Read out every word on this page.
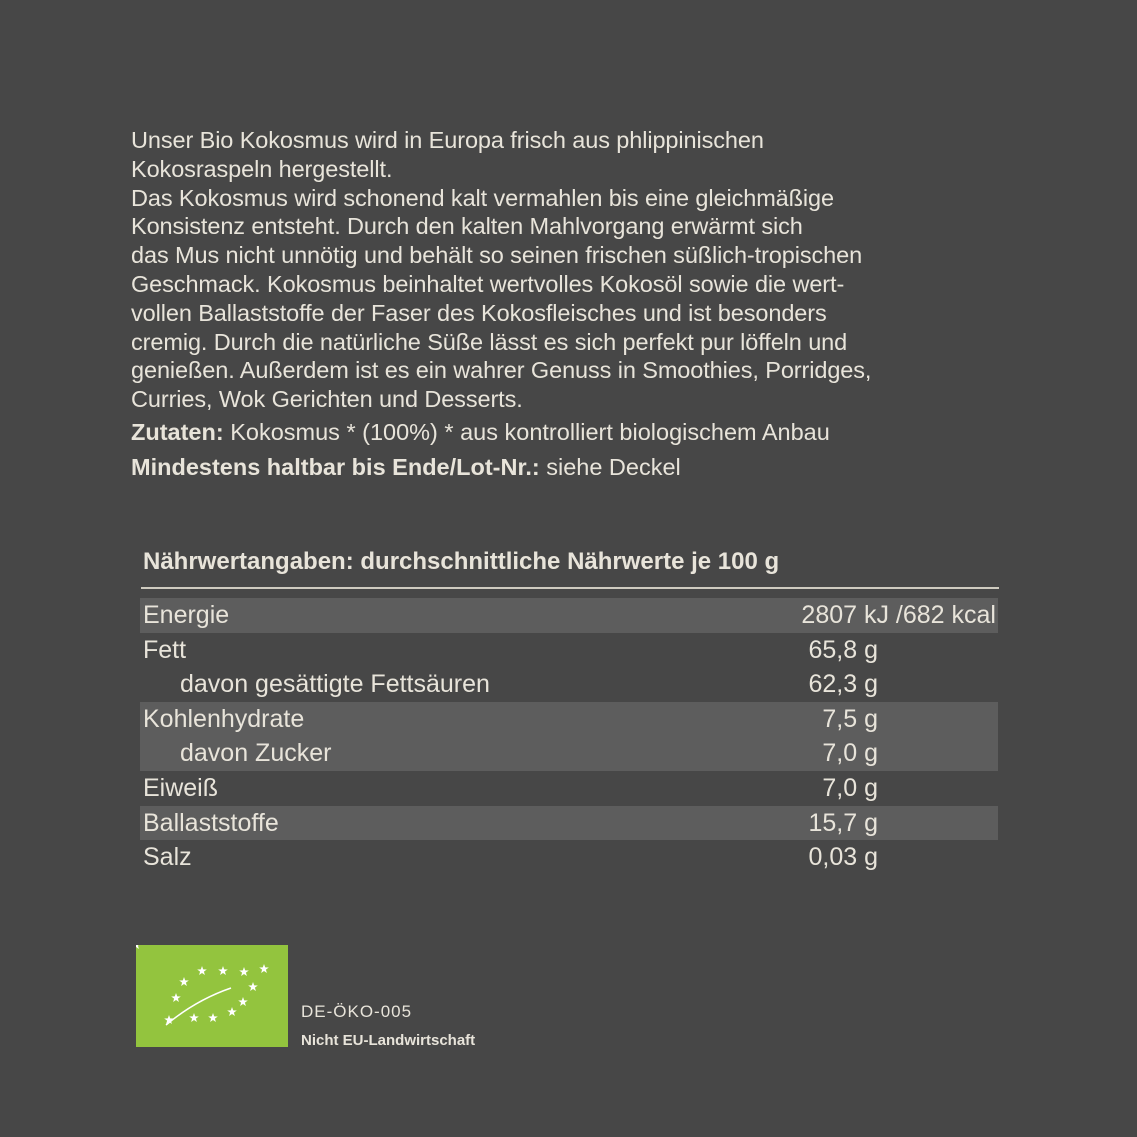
Unser Bio Kokosmus wird in Europa frisch aus phlippinischen
Kokosraspeln hergestellt.
Das Kokosmus wird schonend kalt vermahlen bis eine gleichmäßige
Konsistenz entsteht. Durch den kalten Mahlvorgang erwärmt sich
das Mus nicht unnötig und behält so seinen frischen süßlich-tropischen
Geschmack. Kokosmus beinhaltet wertvolles Kokosöl sowie die wert-
vollen Ballaststoffe der Faser des Kokosfleisches und ist besonders
cremig. Durch die natürliche Süße lässt es sich perfekt pur löffeln und
genießen. Außerdem ist es ein wahrer Genuss in Smoothies, Porridges,
Curries, Wok Gerichten und Desserts.
Zutaten: Kokosmus * (100%) * aus kontrolliert biologischem Anbau
Mindestens haltbar bis Ende/Lot-Nr.: siehe Deckel
Nährwertangaben: durchschnittliche Nährwerte je 100 g
Energie	2807 kJ /682 kcal
Fett	65,8 g
davon gesättigte Fettsäuren	62,3 g
Kohlenhydrate	7,5 g
davon Zucker	7,0 g
Eiweiß	7,0 g
Ballaststoffe	15,7 g
Salz	0,03 g
DE-ÖKO-005
Nicht EU-Landwirtschaft
